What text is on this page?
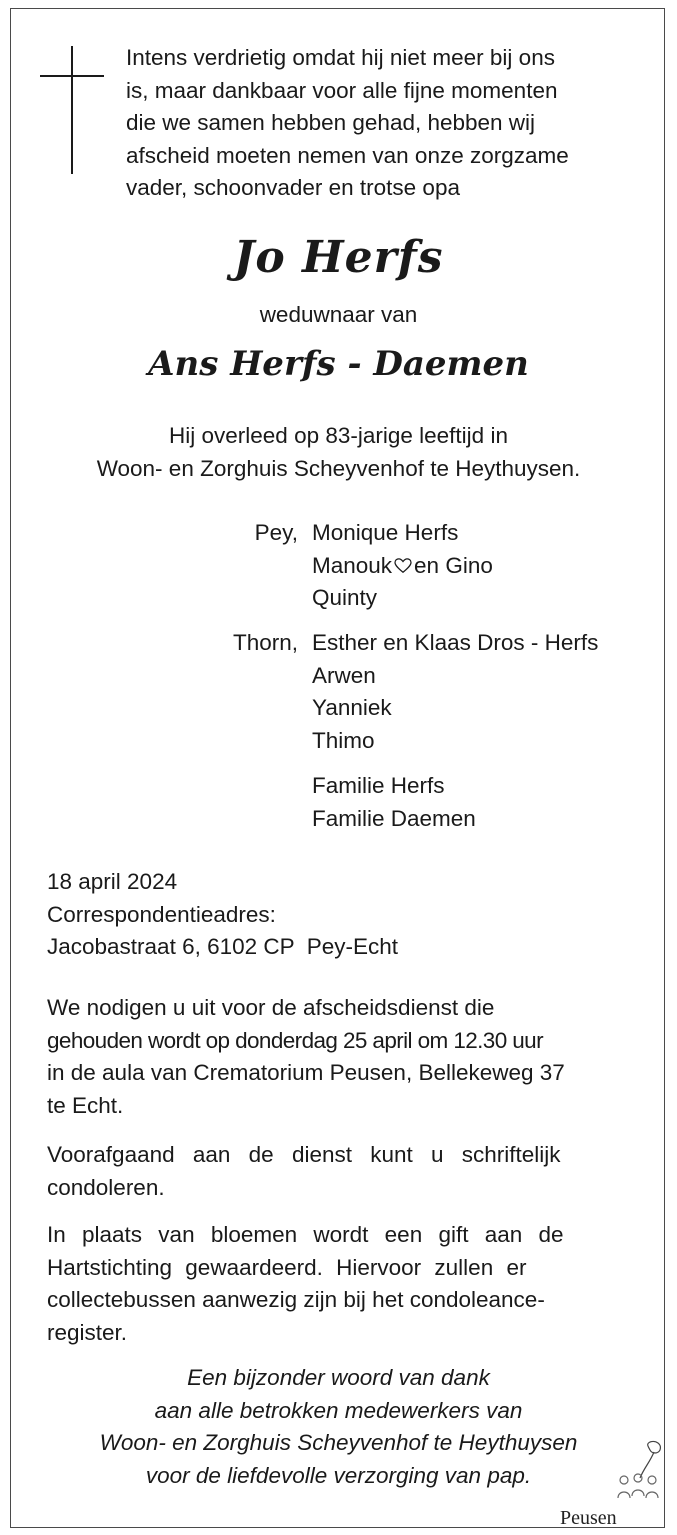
Intens verdrietig omdat hij niet meer bij ons
is, maar dankbaar voor alle fijne momenten
die we samen hebben gehad, hebben wij
afscheid moeten nemen van onze zorgzame
vader, schoonvader en trotse opa

Jo Herfs
weduwnaar van
Ans Herfs - Daemen

Hij overleed op 83-jarige leeftijd in
Woon- en Zorghuis Scheyvenhof te Heythuysen.

Pey, Monique Herfs
Manouk en Gino
Quinty
Thorn, Esther en Klaas Dros - Herfs
Arwen
Yanniek
Thimo
Familie Herfs
Familie Daemen

18 april 2024
Correspondentieadres:
Jacobastraat 6, 6102 CP  Pey-Echt

We nodigen u uit voor de afscheidsdienst die
gehouden wordt op donderdag 25 april om 12.30 uur
in de aula van Crematorium Peusen, Bellekeweg 37
te Echt.

Voorafgaand aan de dienst kunt u schriftelijk
condoleren.

In plaats van bloemen wordt een gift aan de
Hartstichting gewaardeerd. Hiervoor zullen er
collectebussen aanwezig zijn bij het condoleance-
register.

Een bijzonder woord van dank
aan alle betrokken medewerkers van
Woon- en Zorghuis Scheyvenhof te Heythuysen
voor de liefdevolle verzorging van pap.

Peusen
